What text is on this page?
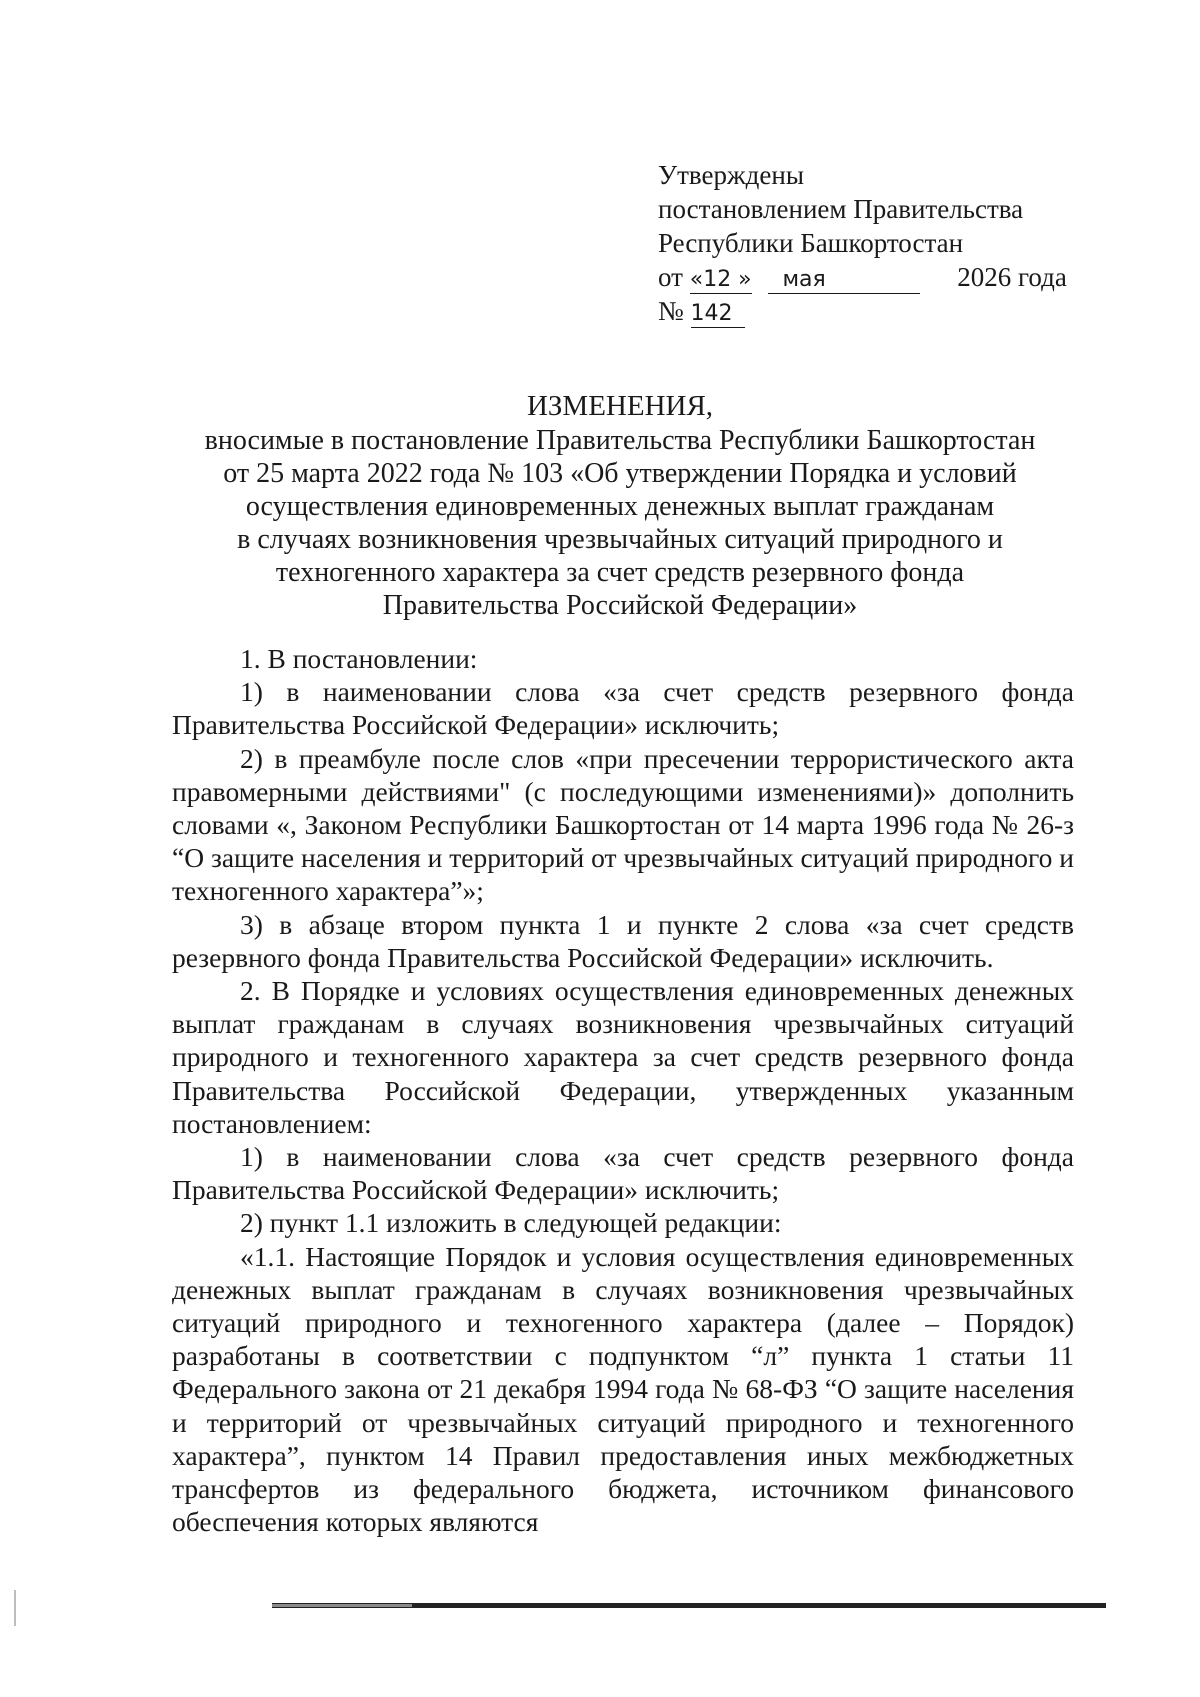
Утверждены
постановлением Правительства
Республики Башкортостан
от «12 » мая	2026 года
№ 142
ИЗМЕНЕНИЯ,
вносимые в постановление Правительства Республики Башкортостан
от 25 марта 2022 года № 103 «Об утверждении Порядка и условий
осуществления единовременных денежных выплат гражданам
в случаях возникновения чрезвычайных ситуаций природного и
техногенного характера за счет средств резервного фонда
Правительства Российской Федерации»

1. В постановлении:

1) в наименовании слова «за счет средств резервного фонда Правительства Российской Федерации» исключить;

2) в преамбуле после слов «при пресечении террористического акта правомерными действиями" (с последующими изменениями)» дополнить словами «, Законом Республики Башкортостан от 14 марта 1996 года № 26-з “О защите населения и территорий от чрезвычайных ситуаций природного и техногенного характера”»;

3) в абзаце втором пункта 1 и пункте 2 слова «за счет средств резервного фонда Правительства Российской Федерации» исключить.

2. В Порядке и условиях осуществления единовременных денежных выплат гражданам в случаях возникновения чрезвычайных ситуаций природного и техногенного характера за счет средств резервного фонда Правительства Российской Федерации, утвержденных указанным постановлением:

1) в наименовании слова «за счет средств резервного фонда Правительства Российской Федерации» исключить;

2) пункт 1.1 изложить в следующей редакции:

«1.1. Настоящие Порядок и условия осуществления единовременных денежных выплат гражданам в случаях возникновения чрезвычайных ситуаций природного и техногенного характера (далее – Порядок) разработаны в соответствии с подпунктом “л” пункта 1 статьи 11 Федерального закона от 21 декабря 1994 года № 68-ФЗ “О защите населения и территорий от чрезвычайных ситуаций природного и техногенного характера”, пунктом 14 Правил предоставления иных межбюджетных трансфертов из федерального бюджета, источником финансового обеспечения которых являются
